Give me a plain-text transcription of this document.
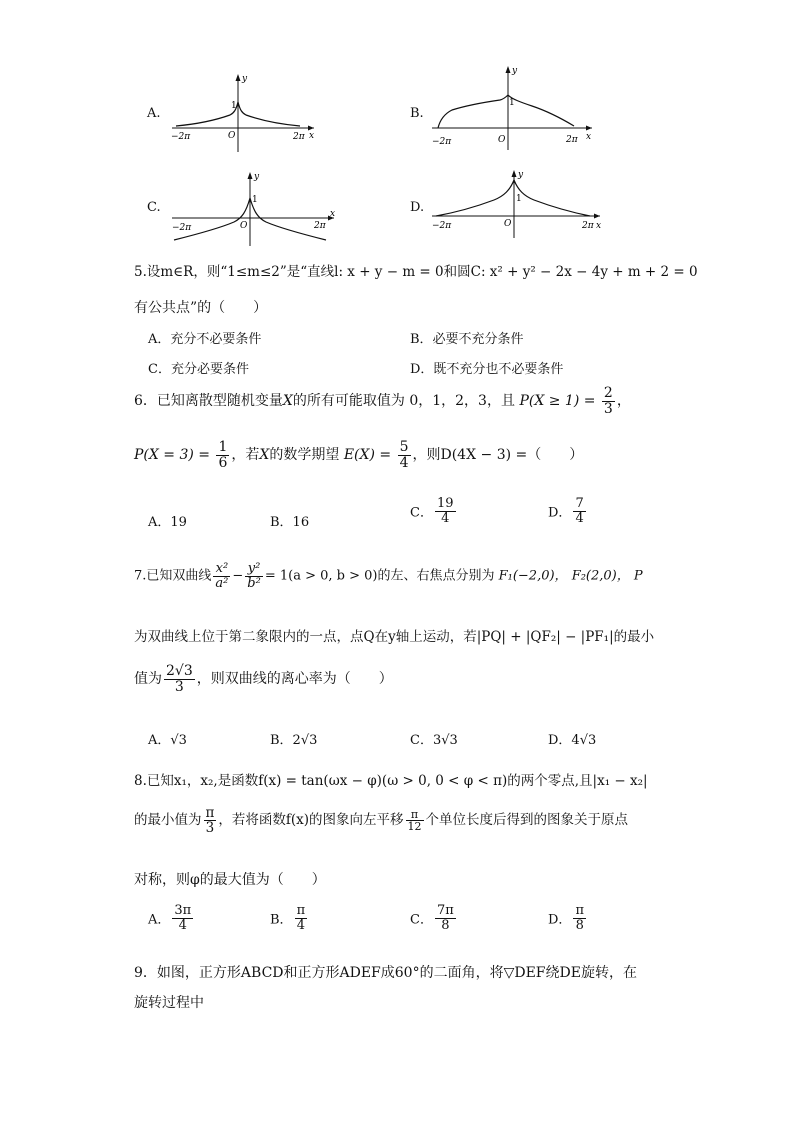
A.
−2π	2π
O
1
x
y
B.
−2π	2π
O
1
x
y
C.
−2π	2π
O
1
x
y
D.
−2π	2π
O
1
x
y
5.设m∈R，则“1≤m≤2”是“直线l: x + y − m = 0和圆C: x² + y² − 2x − 4y + m + 2 = 0
有公共点”的（　　）
A．充分不必要条件	B．必要不充分条件
C．充分必要条件	D．既不充分也不必要条件
6．已知离散型随机变量X的所有可能取值为 0，1，2，3，且 $P(X \ge 1) = \frac{2}{3}$ ，
$P(X = 3) = \frac{1}{6}$ ，若X的数学期望 $E(X) = \frac{5}{4}$ ，则D(4X − 3) =（　　）
A．19	B．16
C． $\frac{19}{4}$	D． $\frac{7}{4}$
7.已知双曲线 $\frac{\text{x²}}{\text{a²}} - \frac{\text{y²}}{\text{b²}} = 1(a > 0$, b > 0)的左、右焦点分别为 F₁(−2,0)， F₂(2,0)， P
为双曲线上位于第二象限内的一点，点Q在y轴上运动，若|PQ| + |QF₂| − |PF₁|的最小
值为 $\frac{2√3}{3}$ ，则双曲线的离心率为（　　）
A．√3	B．2√3	C．3√3	D．4√3
8.已知x₁，x₂,是函数f(x) = tan(ωx − φ)(ω > 0, 0 < φ < π)的两个零点,且|x₁ − x₂|
的最小值为 $\frac{\pi}{3}$ ，若将函数f(x)的图象向左平移 $\frac{\pi}{12}$ 个单位长度后得到的图象关于原点
对称，则φ的最大值为（　　）
A． $\frac{3\pi}{4}$	B． $\frac{\pi}{4}$	C． $\frac{7\pi}{8}$	D． $\frac{\pi}{8}$
9．如图，正方形ABCD和正方形ADEF成60°的二面角，将▽DEF绕DE旋转，在
旋转过程中
